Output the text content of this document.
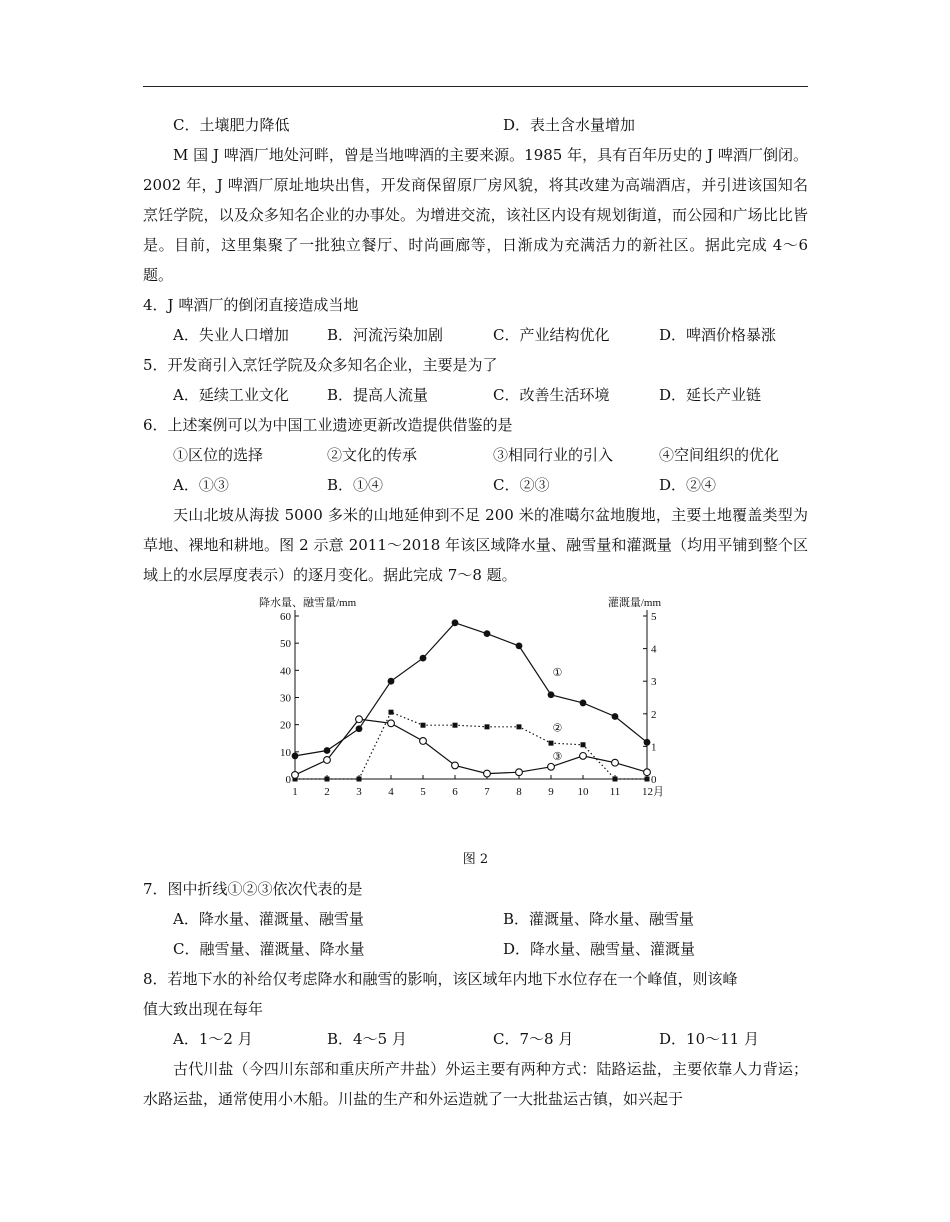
C．土壤肥力降低	D．表土含水量增加
M 国 J 啤酒厂地处河畔，曾是当地啤酒的主要来源。1985 年，具有百年历史的 J 啤酒厂倒闭。2002 年，J 啤酒厂原址地块出售，开发商保留原厂房风貌，将其改建为高端酒店，并引进该国知名烹饪学院，以及众多知名企业的办事处。为增进交流，该社区内设有规划街道，而公园和广场比比皆是。目前，这里集聚了一批独立餐厅、时尚画廊等，日渐成为充满活力的新社区。据此完成 4～6 题。
4．J 啤酒厂的倒闭直接造成当地
A．失业人口增加	B．河流污染加剧	C．产业结构优化	D．啤酒价格暴涨
5．开发商引入烹饪学院及众多知名企业，主要是为了
A．延续工业文化	B．提高人流量	C．改善生活环境	D．延长产业链
6．上述案例可以为中国工业遗迹更新改造提供借鉴的是
①区位的选择	②文化的传承	③相同行业的引入	④空间组织的优化
A．①③	B．①④	C．②③	D．②④
天山北坡从海拔 5000 多米的山地延伸到不足 200 米的准噶尔盆地腹地，主要土地覆盖类型为草地、裸地和耕地。图 2 示意 2011～2018 年该区域降水量、融雪量和灌溉量（均用平铺到整个区域上的水层厚度表示）的逐月变化。据此完成 7～8 题。
0
10
20
30
40
50
60
0
1
2
3
4
5
1 2 3 4 5 6 7 8 9 10 11 12月
降水量、融雪量/mm	灌溉量/mm
①
②
③
图 2
7．图中折线①②③依次代表的是
A．降水量、灌溉量、融雪量	B．灌溉量、降水量、融雪量
C．融雪量、灌溉量、降水量	D．降水量、融雪量、灌溉量
8．若地下水的补给仅考虑降水和融雪的影响，该区域年内地下水位存在一个峰值，则该峰
值大致出现在每年
A．1～2 月	B．4～5 月	C．7～8 月	D．10～11 月
古代川盐（今四川东部和重庆所产井盐）外运主要有两种方式：陆路运盐，主要依靠人力背运；水路运盐，通常使用小木船。川盐的生产和外运造就了一大批盐运古镇，如兴起于
